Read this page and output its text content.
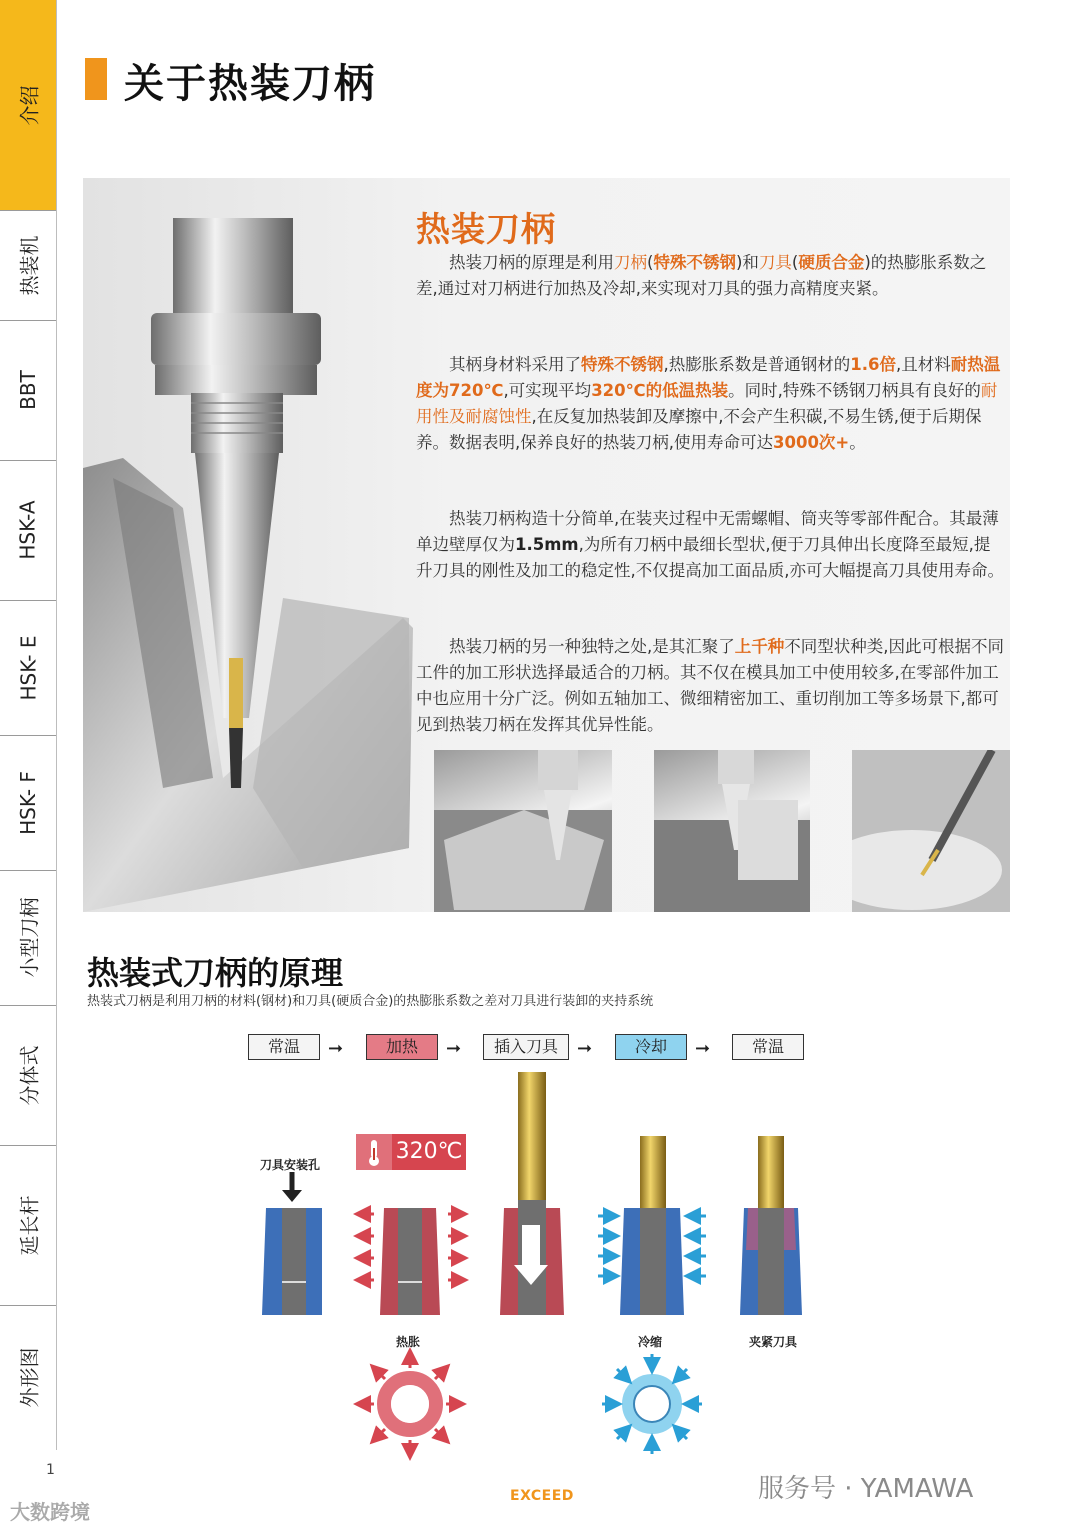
介绍
热装机
BBT
HSK-A
HSK- E
HSK- F
小型刀柄
分体式
延长杆
外形图
关于热装刀柄
热装刀柄
热装刀柄的原理是利用刀柄(特殊不锈钢)和刀具(硬质合金)的热膨胀系数之差,通过对刀柄进行加热及冷却,来实现对刀具的强力高精度夹紧。
其柄身材料采用了特殊不锈钢,热膨胀系数是普通钢材的1.6倍,且材料耐热温度为720℃,可实现平均320℃的低温热装。同时,特殊不锈钢刀柄具有良好的耐用性及耐腐蚀性,在反复加热装卸及摩擦中,不会产生积碳,不易生锈,便于后期保养。数据表明,保养良好的热装刀柄,使用寿命可达3000次+。
热装刀柄构造十分简单,在装夹过程中无需螺帽、筒夹等零部件配合。其最薄单边壁厚仅为1.5mm,为所有刀柄中最细长型状,便于刀具伸出长度降至最短,提升刀具的刚性及加工的稳定性,不仅提高加工面品质,亦可大幅提高刀具使用寿命。
热装刀柄的另一种独特之处,是其汇聚了上千种不同型状种类,因此可根据不同工件的加工形状选择最适合的刀柄。其不仅在模具加工中使用较多,在零部件加工中也应用十分广泛。例如五轴加工、微细精密加工、重切削加工等多场景下,都可见到热装刀柄在发挥其优异性能。
热装式刀柄的原理
热装式刀柄是利用刀柄的材料(钢材)和刀具(硬质合金)的热膨胀系数之差对刀具进行装卸的夹持系统
常温	➞	加热	➞	插入刀具	➞	冷却	➞	常温
刀具安装孔
320℃
热胀	冷缩	夹紧刀具
1
EXCEED
大数跨境
服务号 · YAMAWA
